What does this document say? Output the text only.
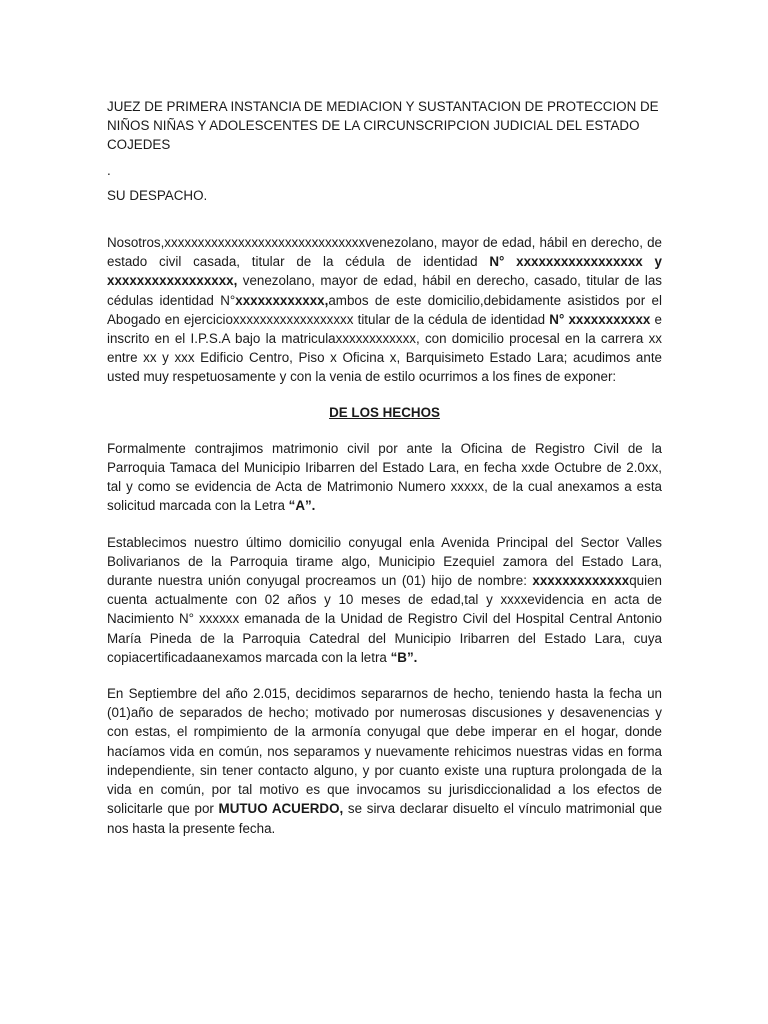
JUEZ DE PRIMERA INSTANCIA DE MEDIACION Y SUSTANTACION DE PROTECCION DE NIÑOS NIÑAS Y ADOLESCENTES DE LA CIRCUNSCRIPCION JUDICIAL DEL ESTADO COJEDES

.

SU DESPACHO.

Nosotros,xxxxxxxxxxxxxxxxxxxxxxxxxxxxxxvenezolano, mayor de edad, hábil en derecho, de estado civil casada, titular de la cédula de identidad N° xxxxxxxxxxxxxxxxx y xxxxxxxxxxxxxxxxx, venezolano, mayor de edad, hábil en derecho, casado, titular de las cédulas identidad N°xxxxxxxxxxxx,ambos de este domicilio,debidamente asistidos por el Abogado en ejercicioxxxxxxxxxxxxxxxxxx titular de la cédula de identidad N° xxxxxxxxxxx e inscrito en el I.P.S.A bajo la matriculaxxxxxxxxxxxx, con domicilio procesal en la carrera xx entre xx y xxx Edificio Centro, Piso x Oficina x, Barquisimeto Estado Lara; acudimos ante usted muy respetuosamente y con la venia de estilo ocurrimos a los fines de exponer:

DE LOS HECHOS

Formalmente contrajimos matrimonio civil por ante la Oficina de Registro Civil de la Parroquia Tamaca del Municipio Iribarren del Estado Lara, en fecha xxde Octubre de 2.0xx, tal y como se evidencia de Acta de Matrimonio Numero xxxxx, de la cual anexamos a esta solicitud marcada con la Letra “A”.

Establecimos nuestro último domicilio conyugal enla Avenida Principal del Sector Valles Bolivarianos de la Parroquia tirame algo, Municipio Ezequiel zamora del Estado Lara, durante nuestra unión conyugal procreamos un (01) hijo de nombre: xxxxxxxxxxxxxquien cuenta actualmente con 02 años y 10 meses de edad,tal y xxxxevidencia en acta de Nacimiento N° xxxxxx emanada de la Unidad de Registro Civil del Hospital Central Antonio María Pineda de la Parroquia Catedral del Municipio Iribarren del Estado Lara, cuya copiacertificadaanexamos marcada con la letra “B”.

En Septiembre del año 2.015, decidimos separarnos de hecho, teniendo hasta la fecha un (01)año de separados de hecho; motivado por numerosas discusiones y desavenencias y con estas, el rompimiento de la armonía conyugal que debe imperar en el hogar, donde hacíamos vida en común, nos separamos y nuevamente rehicimos nuestras vidas en forma independiente, sin tener contacto alguno, y por cuanto existe una ruptura prolongada de la vida en común, por tal motivo es que invocamos su jurisdiccionalidad a los efectos de solicitarle que por MUTUO ACUERDO, se sirva declarar disuelto el vínculo matrimonial que nos hasta la presente fecha.
